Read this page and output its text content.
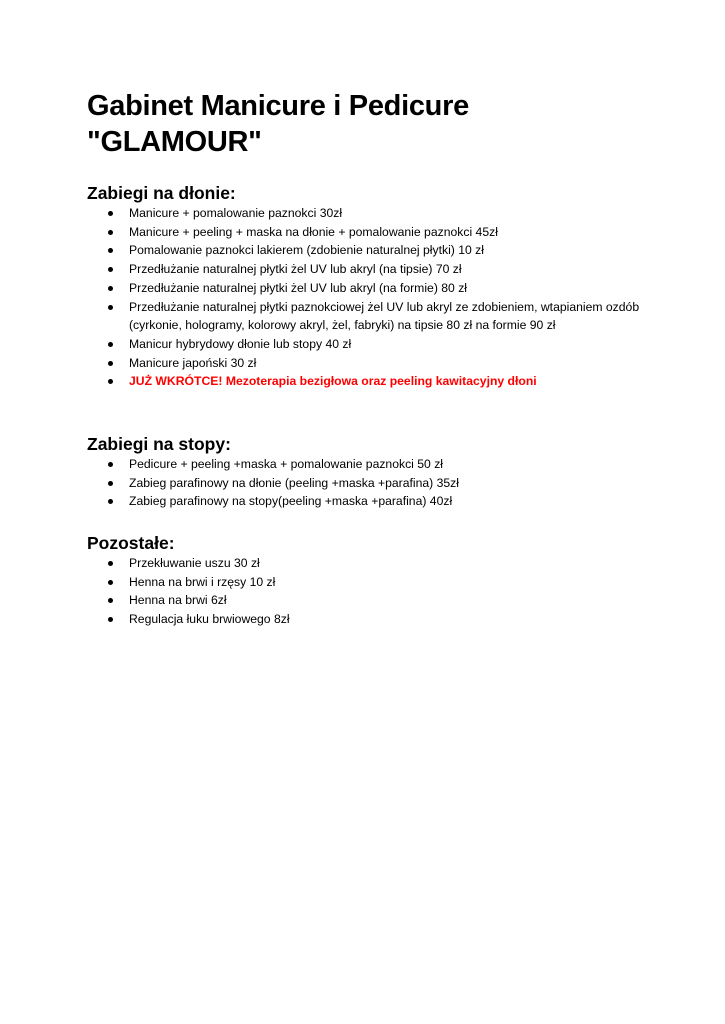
Gabinet Manicure i Pedicure
"GLAMOUR"
Zabiegi na dłonie:
Manicure + pomalowanie paznokci 30zł
Manicure + peeling + maska na dłonie + pomalowanie paznokci 45zł
Pomalowanie paznokci lakierem (zdobienie naturalnej płytki) 10 zł
Przedłużanie naturalnej płytki żel UV lub akryl (na tipsie) 70 zł
Przedłużanie naturalnej płytki żel UV lub akryl (na formie) 80 zł
Przedłużanie naturalnej płytki paznokciowej żel UV lub akryl ze zdobieniem, wtapianiem ozdób (cyrkonie, hologramy, kolorowy akryl, żel, fabryki) na tipsie 80 zł na formie 90 zł
Manicur hybrydowy dłonie lub stopy 40 zł
Manicure japoński 30 zł
JUŻ WKRÓTCE! Mezoterapia bezigłowa oraz peeling kawitacyjny dłoni
Zabiegi na stopy:
Pedicure + peeling +maska + pomalowanie paznokci 50 zł
Zabieg parafinowy na dłonie (peeling +maska +parafina) 35zł
Zabieg parafinowy na stopy(peeling +maska +parafina) 40zł
Pozostałe:
Przekłuwanie uszu 30 zł
Henna na brwi i rzęsy 10 zł
Henna na brwi 6zł
Regulacja łuku brwiowego 8zł
